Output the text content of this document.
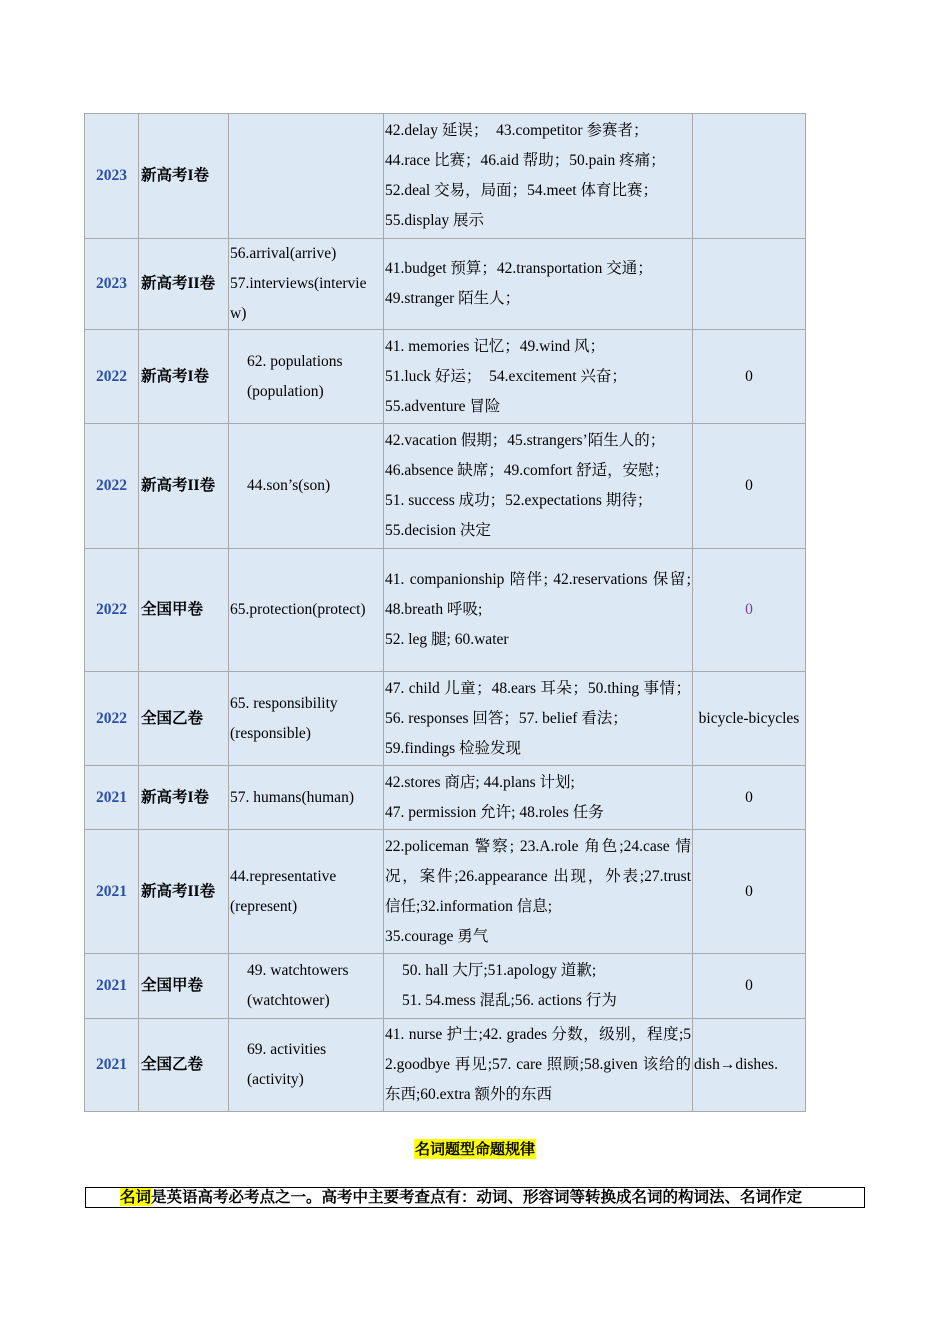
2023	新高考I卷		42.delay 延误；　43.competitor 参赛者；
44.race 比赛；46.aid 帮助；50.pain 疼痛；
52.deal 交易，局面；54.meet 体育比赛；
55.display 展示	

2023	新高考II卷	56.arrival(arrive)
57.interviews(interview)	41.budget 预算；42.transportation 交通；
49.stranger 陌生人；	

2022	新高考I卷	62. populations
(population)	41. memories 记忆；49.wind 风；
51.luck 好运；　54.excitement 兴奋；
55.adventure 冒险	0
2022	新高考II卷	44.son’s(son)	42.vacation 假期；45.strangers’陌生人的；
46.absence 缺席；49.comfort 舒适，安慰；
51. success 成功；52.expectations 期待；
55.decision 决定	0
2022	全国甲卷	65.protection(protect)	41. companionship 陪伴; 42.reservations 保留; 48.breath 呼吸;
52. leg 腿; 60.water	0
2022	全国乙卷	65. responsibility
(responsible)	47. child 儿童；48.ears 耳朵；50.thing 事情；56. responses 回答；57. belief 看法；
59.findings 检验发现	bicycle-bicycles
2021	新高考I卷	57. humans(human)	42.stores 商店; 44.plans 计划;
47. permission 允许; 48.roles 任务	0
2021	新高考II卷	44.representative
(represent)	22.policeman 警察; 23.A.role 角色;24.case 情况，案件;26.appearance 出现，外表;27.trust 信任;32.information 信息;
35.courage 勇气	0
2021	全国甲卷	49. watchtowers
(watchtower)	50. hall 大厅;51.apology 道歉;
51. 54.mess 混乱;56. actions 行为	0
2021	全国乙卷	69. activities
(activity)	41. nurse 护士;42. grades 分数，级别，程度;52.goodbye 再见;57. care 照顾;58.given 该给的东西;60.extra 额外的东西	dish→dishes.
名词题型命题规律
名词是英语高考必考点之一。高考中主要考查点有：动词、形容词等转换成名词的构词法、名词作定
